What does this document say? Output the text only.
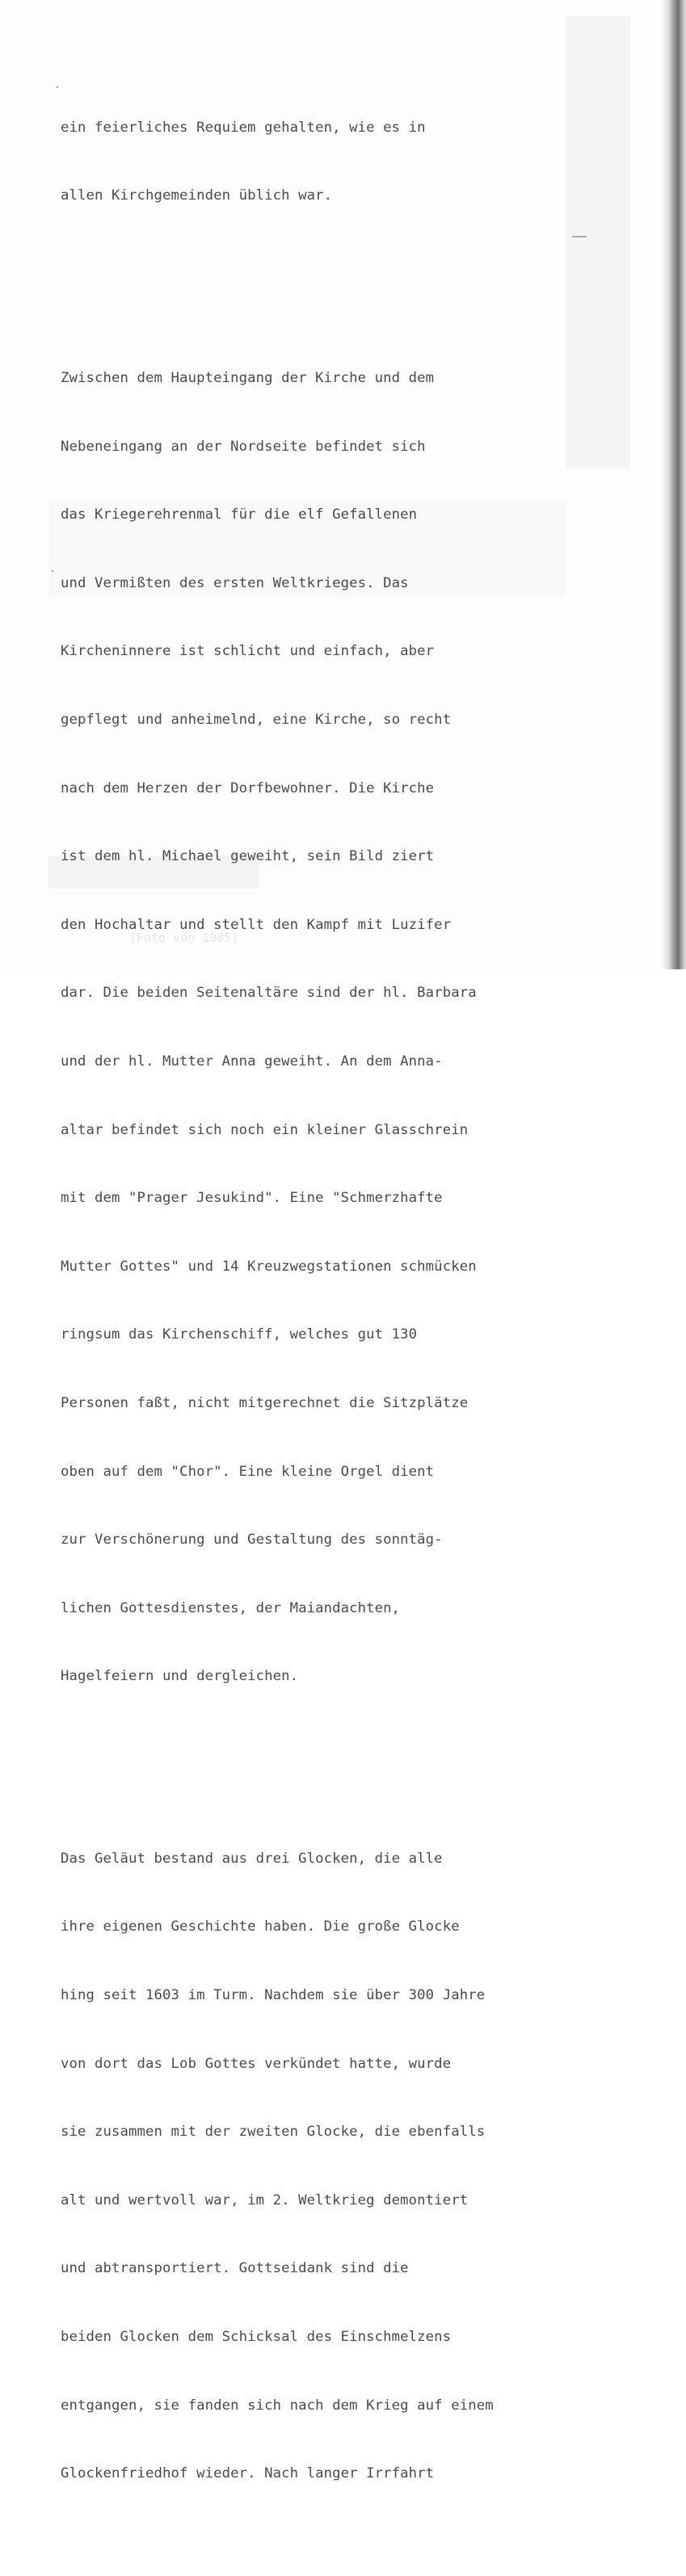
(Foto von 1985)

ein feierliches Requiem gehalten, wie es in

allen Kirchgemeinden üblich war.

Zwischen dem Haupteingang der Kirche und dem

Nebeneingang an der Nordseite befindet sich

das Kriegerehrenmal für die elf Gefallenen

und Vermißten des ersten Weltkrieges. Das

Kircheninnere ist schlicht und einfach, aber

gepflegt und anheimelnd, eine Kirche, so recht

nach dem Herzen der Dorfbewohner. Die Kirche

ist dem hl. Michael geweiht, sein Bild ziert

den Hochaltar und stellt den Kampf mit Luzifer

dar. Die beiden Seitenaltäre sind der hl. Barbara

und der hl. Mutter Anna geweiht. An dem Anna-

altar befindet sich noch ein kleiner Glasschrein

mit dem "Prager Jesukind". Eine "Schmerzhafte

Mutter Gottes" und 14 Kreuzwegstationen schmücken

ringsum das Kirchenschiff, welches gut 130

Personen faßt, nicht mitgerechnet die Sitzplätze

oben auf dem "Chor". Eine kleine Orgel dient

zur Verschönerung und Gestaltung des sonntäg-

lichen Gottesdienstes, der Maiandachten,

Hagelfeiern und dergleichen.

Das Geläut bestand aus drei Glocken, die alle

ihre eigenen Geschichte haben. Die große Glocke

hing seit 1603 im Turm. Nachdem sie über 300 Jahre

von dort das Lob Gottes verkündet hatte, wurde

sie zusammen mit der zweiten Glocke, die ebenfalls

alt und wertvoll war, im 2. Weltkrieg demontiert

und abtransportiert. Gottseidank sind die

beiden Glocken dem Schicksal des Einschmelzens

entgangen, sie fanden sich nach dem Krieg auf einem

Glockenfriedhof wieder. Nach langer Irrfahrt
